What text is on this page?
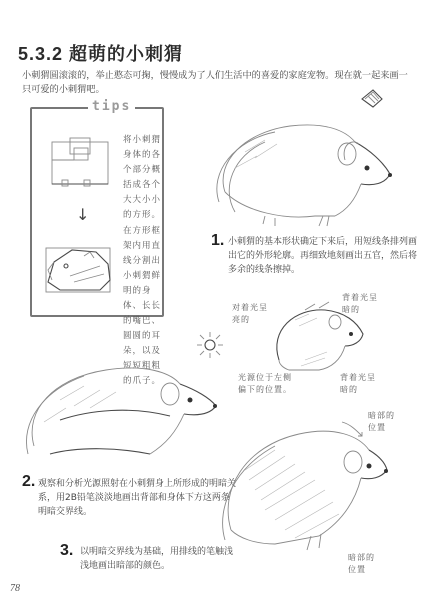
5.3.2 超萌的小刺猬
小刺猬圆滚滚的，举止憨态可掬，慢慢成为了人们生活中的喜爱的家庭宠物。现在就一起来画一只可爱的小刺猬吧。
tips
将小刺猬身体的各个部分概括成各个大大小小的方形。
↓
在方形框架内用直线分割出小刺猬鲜明的身体、长长的嘴巴、圆圆的耳朵，以及短短粗粗的爪子。
1. 小刺猬的基本形状确定下来后，用短线条排列画出它的外形轮廓。再细致地刻画出五官，然后将多余的线条擦掉。
对着光呈亮的
背着光呈暗的
光源位于左侧偏下的位置。
背着光呈暗的
2. 观察和分析光源照射在小刺猬身上所形成的明暗关系，用2B铅笔淡淡地画出背部和身体下方这两条明暗交界线。
暗部的位置
暗部的位置
3. 以明暗交界线为基础，用排线的笔触浅浅地画出暗部的颜色。
78
